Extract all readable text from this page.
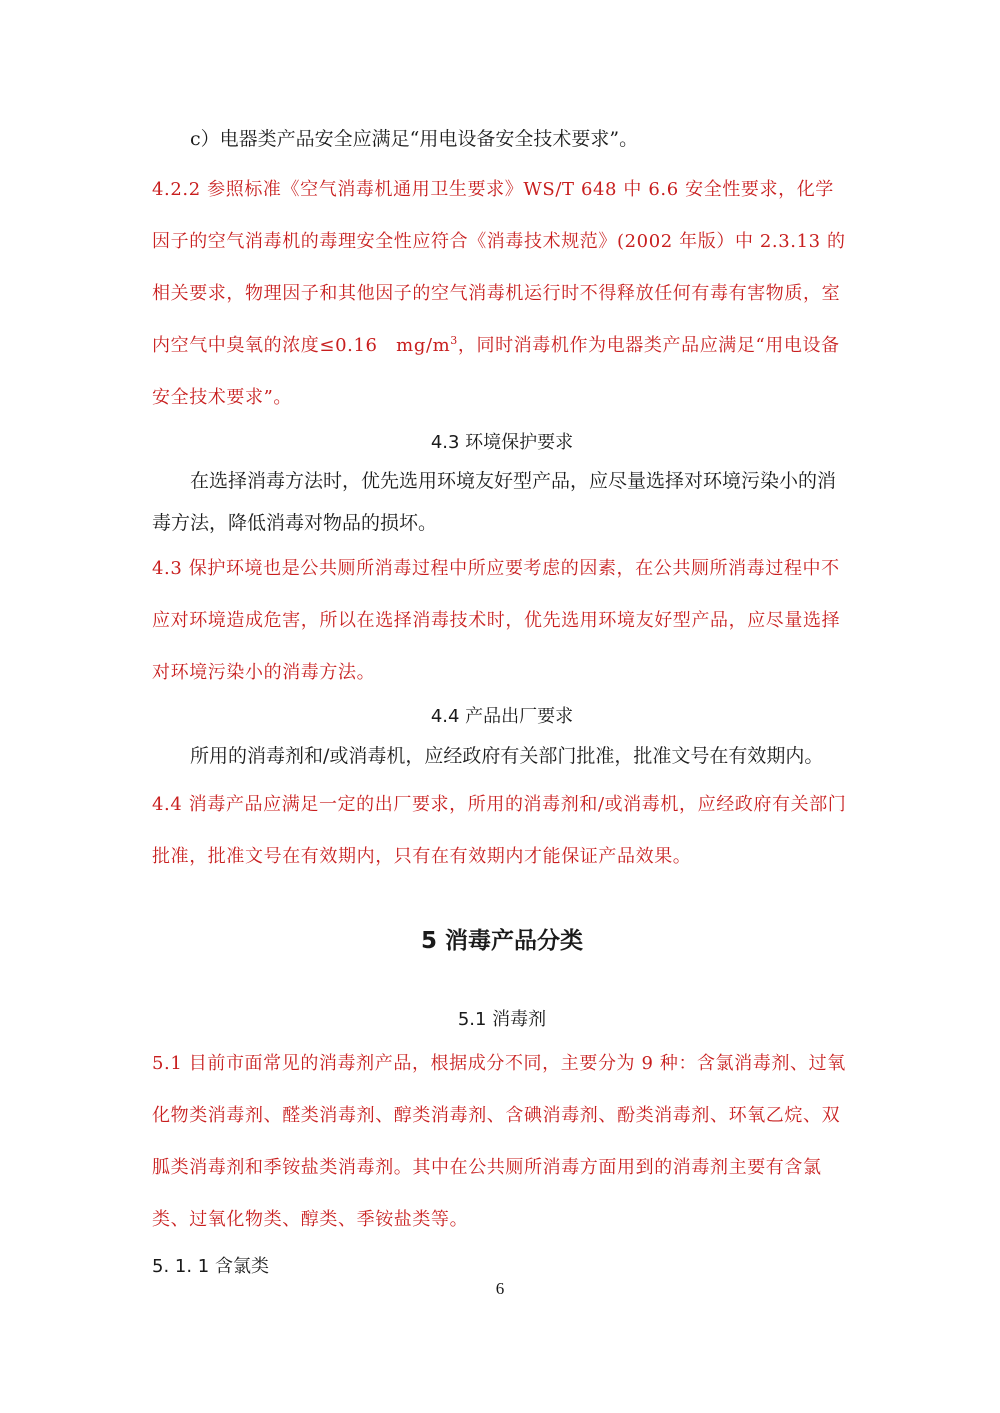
c）电器类产品安全应满足“用电设备安全技术要求”。

4.2.2 参照标准《空气消毒机通用卫生要求》WS/T 648 中 6.6 安全性要求，化学因子的空气消毒机的毒理安全性应符合《消毒技术规范》(2002 年版）中 2.3.13 的相关要求，物理因子和其他因子的空气消毒机运行时不得释放任何有毒有害物质，室内空气中臭氧的浓度≤0.16　$mg/m^3$，同时消毒机作为电器类产品应满足“用电设备安全技术要求”。

4.3 环境保护要求

在选择消毒方法时，优先选用环境友好型产品，应尽量选择对环境污染小的消毒方法，降低消毒对物品的损坏。

4.3 保护环境也是公共厕所消毒过程中所应要考虑的因素，在公共厕所消毒过程中不应对环境造成危害，所以在选择消毒技术时，优先选用环境友好型产品，应尽量选择对环境污染小的消毒方法。

4.4 产品出厂要求

所用的消毒剂和/或消毒机，应经政府有关部门批准，批准文号在有效期内。

4.4 消毒产品应满足一定的出厂要求，所用的消毒剂和/或消毒机，应经政府有关部门批准，批准文号在有效期内，只有在有效期内才能保证产品效果。

5 消毒产品分类

5.1 消毒剂

5.1 目前市面常见的消毒剂产品，根据成分不同，主要分为 9 种：含氯消毒剂、过氧化物类消毒剂、醛类消毒剂、醇类消毒剂、含碘消毒剂、酚类消毒剂、环氧乙烷、双胍类消毒剂和季铵盐类消毒剂。其中在公共厕所消毒方面用到的消毒剂主要有含氯类、过氧化物类、醇类、季铵盐类等。

5. 1. 1 含氯类

6
